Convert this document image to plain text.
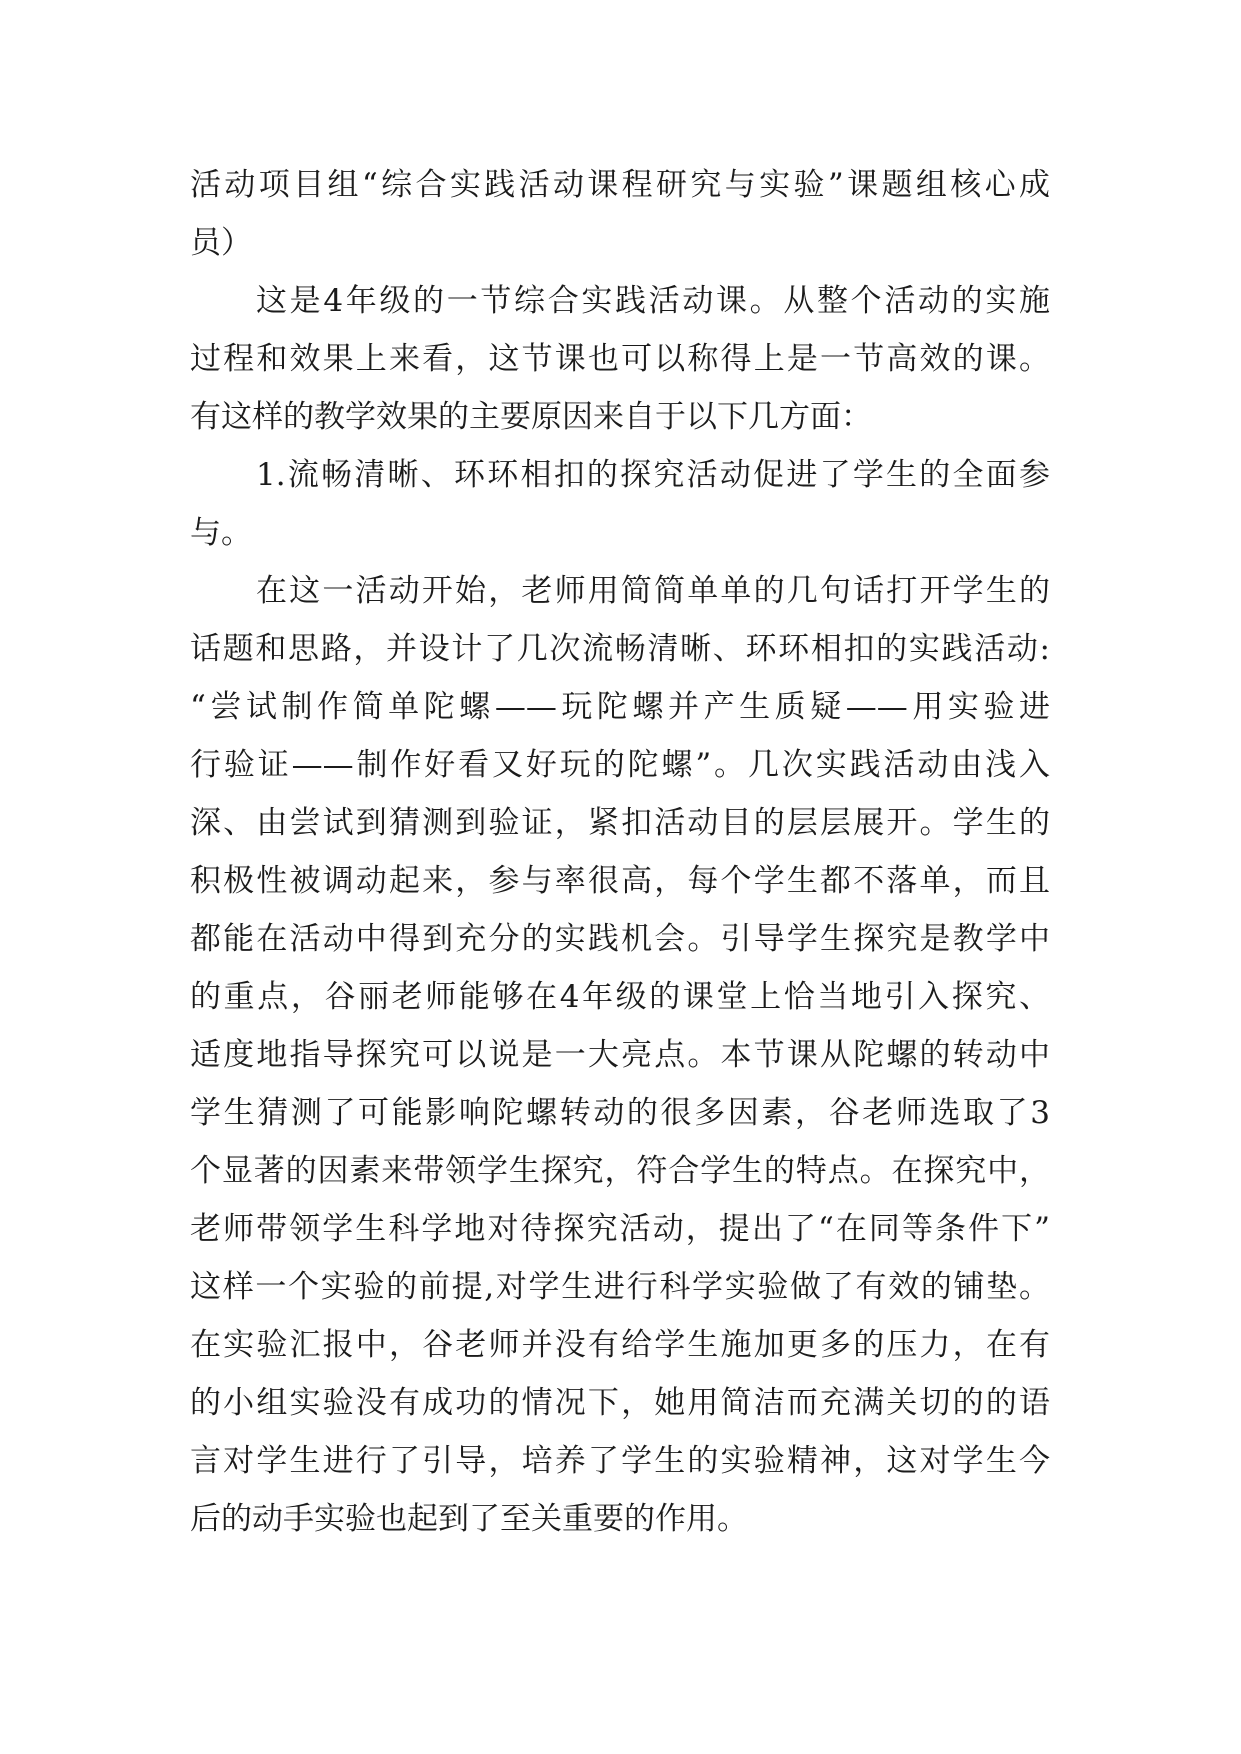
活动项目组“综合实践活动课程研究与实验”课题组核心成
员）
这是4年级的一节综合实践活动课。从整个活动的实施
过程和效果上来看，这节课也可以称得上是一节高效的课。
有这样的教学效果的主要原因来自于以下几方面：
1.流畅清晰、环环相扣的探究活动促进了学生的全面参
与。
在这一活动开始，老师用简简单单的几句话打开学生的
话题和思路，并设计了几次流畅清晰、环环相扣的实践活动:
“尝试制作简单陀螺——玩陀螺并产生质疑——用实验进
行验证——制作好看又好玩的陀螺”。几次实践活动由浅入
深、由尝试到猜测到验证，紧扣活动目的层层展开。学生的
积极性被调动起来，参与率很高，每个学生都不落单，而且
都能在活动中得到充分的实践机会。引导学生探究是教学中
的重点，谷丽老师能够在4年级的课堂上恰当地引入探究、
适度地指导探究可以说是一大亮点。本节课从陀螺的转动中
学生猜测了可能影响陀螺转动的很多因素，谷老师选取了3
个显著的因素来带领学生探究，符合学生的特点。在探究中，
老师带领学生科学地对待探究活动，提出了“在同等条件下”
这样一个实验的前提,对学生进行科学实验做了有效的铺垫。
在实验汇报中，谷老师并没有给学生施加更多的压力，在有
的小组实验没有成功的情况下，她用简洁而充满关切的的语
言对学生进行了引导，培养了学生的实验精神，这对学生今
后的动手实验也起到了至关重要的作用。
